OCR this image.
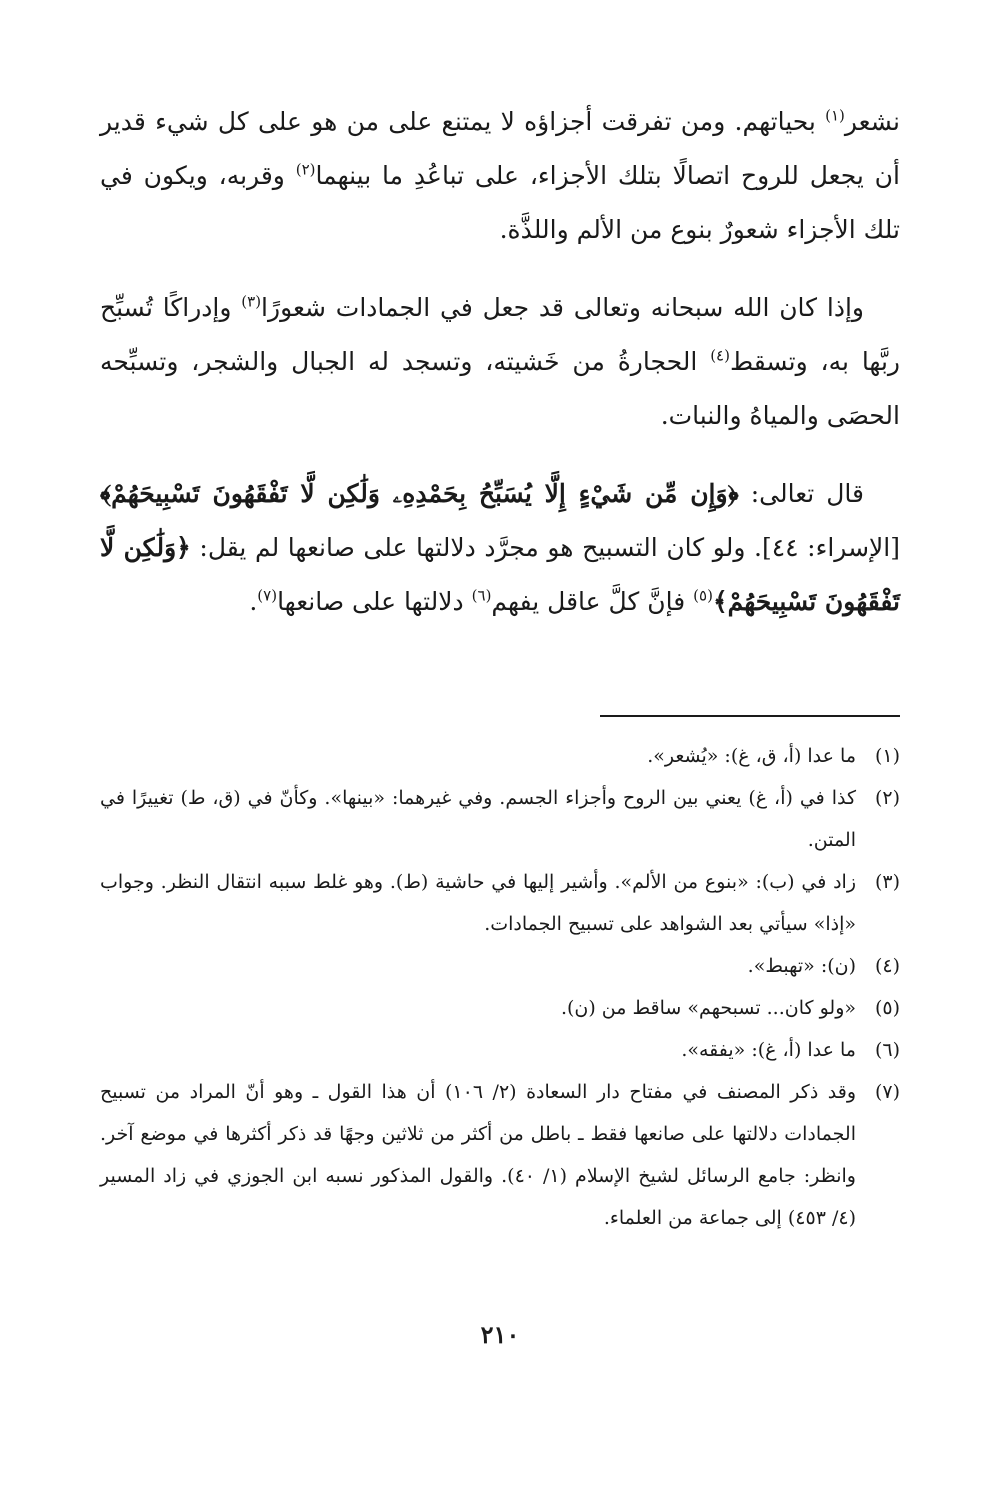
نشعر$^{(١)}$ بحياتهم. ومن تفرقت أجزاؤه لا يمتنع على من هو على كل شيء قدير أن يجعل للروح اتصالًا بتلك الأجزاء، على تباعُدِ ما بينهما$^{(٢)}$ وقربه، ويكون في تلك الأجزاء شعورٌ بنوع من الألم واللذَّة.

وإذا كان الله سبحانه وتعالى قد جعل في الجمادات شعورًا$^{(٣)}$ وإدراكًا تُسبِّح ربَّها به، وتسقط$^{(٤)}$ الحجارةُ من خَشيته، وتسجد له الجبال والشجر، وتسبِّحه الحصَى والمياهُ والنبات.

قال تعالى: ﴿وَإِن مِّن شَيْءٍ إِلَّا يُسَبِّحُ بِحَمْدِهِۦ وَلَٰكِن لَّا تَفْقَهُونَ تَسْبِيحَهُمْ﴾ [الإسراء: ٤٤]. ولو كان التسبيح هو مجرَّد دلالتها على صانعها لم يقل: ﴿وَلَٰكِن لَّا تَفْقَهُونَ تَسْبِيحَهُمْ﴾$^{(٥)}$ فإنَّ كلَّ عاقل يفهم$^{(٦)}$ دلالتها على صانعها$^{(٧)}$.

(١)
ما عدا (أ، ق، غ): «يُشعر».
(٢)
كذا في (أ، غ) يعني بين الروح وأجزاء الجسم. وفي غيرهما: «بينها». وكأنّ في (ق، ط) تغييرًا في المتن.
(٣)
زاد في (ب): «بنوع من الألم». وأشير إليها في حاشية (ط). وهو غلط سببه انتقال النظر. وجواب «إذا» سيأتي بعد الشواهد على تسبيح الجمادات.
(٤)
(ن): «تهبط».
(٥)
«ولو كان... تسبحهم» ساقط من (ن).
(٦)
ما عدا (أ، غ): «يفقه».
(٧)
وقد ذكر المصنف في مفتاح دار السعادة (٢/ ١٠٦) أن هذا القول ـ وهو أنّ المراد من تسبيح الجمادات دلالتها على صانعها فقط ـ باطل من أكثر من ثلاثين وجهًا قد ذكر أكثرها في موضع آخر. وانظر: جامع الرسائل لشيخ الإسلام (١/ ٤٠). والقول المذكور نسبه ابن الجوزي في زاد المسير (٤/ ٤٥٣) إلى جماعة من العلماء.
٢١٠
